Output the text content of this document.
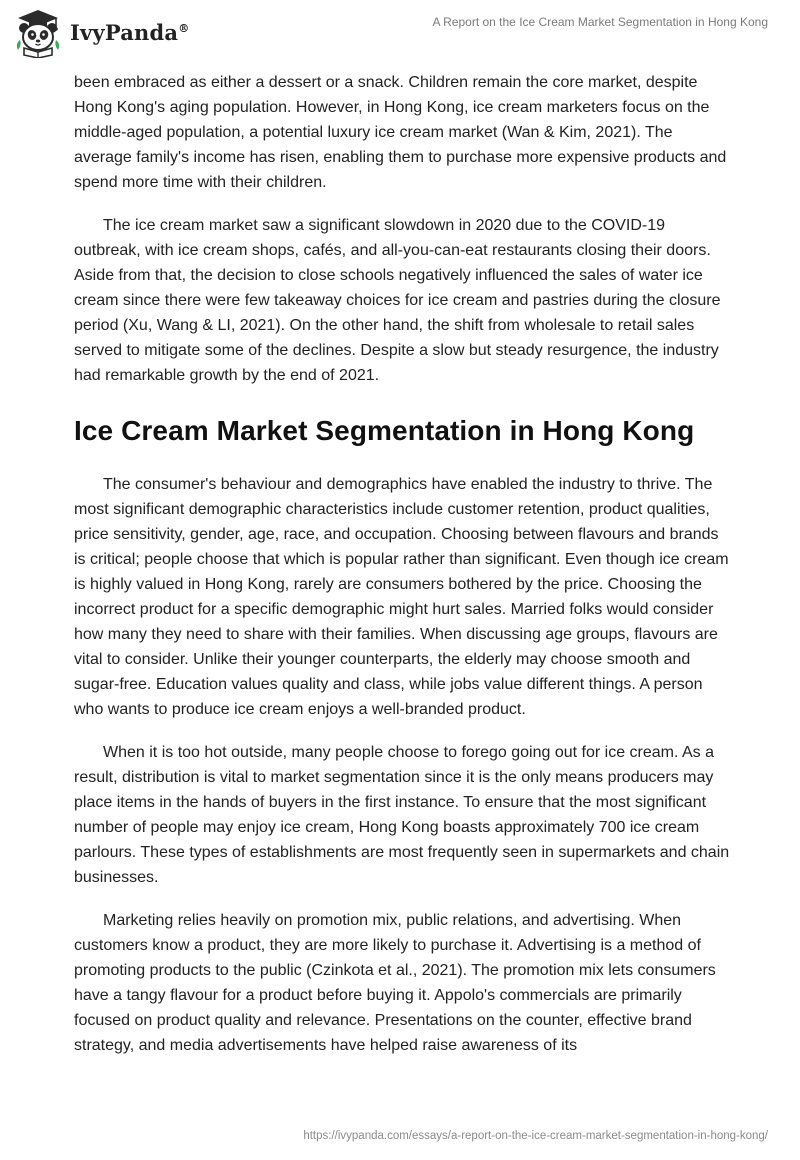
IvyPanda®	A Report on the Ice Cream Market Segmentation in Hong Kong

been embraced as either a dessert or a snack. Children remain the core market, despite Hong Kong's aging population. However, in Hong Kong, ice cream marketers focus on the middle-aged population, a potential luxury ice cream market (Wan & Kim, 2021). The average family's income has risen, enabling them to purchase more expensive products and spend more time with their children.

The ice cream market saw a significant slowdown in 2020 due to the COVID-19 outbreak, with ice cream shops, cafés, and all-you-can-eat restaurants closing their doors. Aside from that, the decision to close schools negatively influenced the sales of water ice cream since there were few takeaway choices for ice cream and pastries during the closure period (Xu, Wang & LI, 2021). On the other hand, the shift from wholesale to retail sales served to mitigate some of the declines. Despite a slow but steady resurgence, the industry had remarkable growth by the end of 2021.

Ice Cream Market Segmentation in Hong Kong

The consumer's behaviour and demographics have enabled the industry to thrive. The most significant demographic characteristics include customer retention, product qualities, price sensitivity, gender, age, race, and occupation. Choosing between flavours and brands is critical; people choose that which is popular rather than significant. Even though ice cream is highly valued in Hong Kong, rarely are consumers bothered by the price. Choosing the incorrect product for a specific demographic might hurt sales. Married folks would consider how many they need to share with their families. When discussing age groups, flavours are vital to consider. Unlike their younger counterparts, the elderly may choose smooth and sugar-free. Education values quality and class, while jobs value different things. A person who wants to produce ice cream enjoys a well-branded product.

When it is too hot outside, many people choose to forego going out for ice cream. As a result, distribution is vital to market segmentation since it is the only means producers may place items in the hands of buyers in the first instance. To ensure that the most significant number of people may enjoy ice cream, Hong Kong boasts approximately 700 ice cream parlours. These types of establishments are most frequently seen in supermarkets and chain businesses.

Marketing relies heavily on promotion mix, public relations, and advertising. When customers know a product, they are more likely to purchase it. Advertising is a method of promoting products to the public (Czinkota et al., 2021). The promotion mix lets consumers have a tangy flavour for a product before buying it. Appolo's commercials are primarily focused on product quality and relevance. Presentations on the counter, effective brand strategy, and media advertisements have helped raise awareness of its

https://ivypanda.com/essays/a-report-on-the-ice-cream-market-segmentation-in-hong-kong/
